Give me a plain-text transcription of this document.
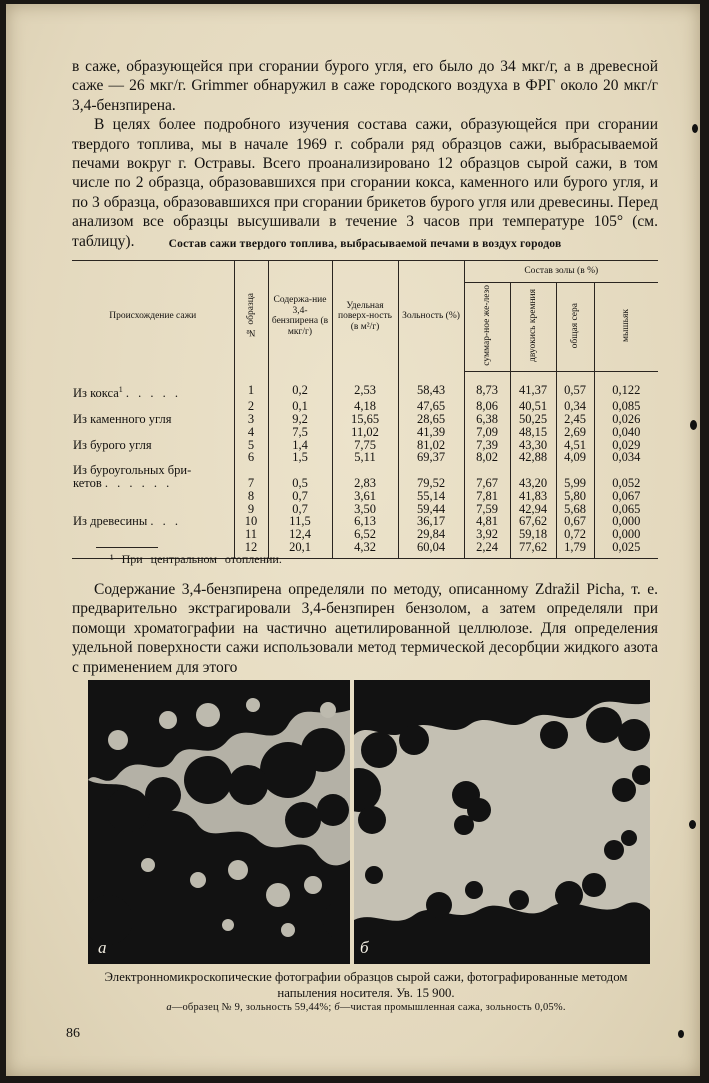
в саже, образующейся при сгорании бурого угля, его было до 34 мкг/г, а в древесной саже — 26 мкг/г. Grimmer обнаружил в саже городского воздуха в ФРГ около 20 мкг/г 3,4-бензпирена.

В целях более подробного изучения состава сажи, образующейся при сгорании твердого топлива, мы в начале 1969 г. собрали ряд образцов сажи, выбрасываемой печами вокруг г. Остравы. Всего проанализировано 12 образцов сырой сажи, в том числе по 2 образца, образовавшихся при сгорании кокса, каменного или бурого угля, и по 3 образца, образовавшихся при сгорании брикетов бурого угля или древесины. Перед анализом все образцы высушивали в течение 3 часов при температуре 105° (см. таблицу).	Состав сажи твердого топлива, выбрасываемой печами в воздух городов
Происхождение сажи	№ образца	Содержа-ние 3,4-бензпирена (в мкг/г)	Удельная поверх-ность (в м²/г)	Зольность (%)	Состав золы (в %)			
					суммар-ное же-лезо	двуокись кремния	общая сера	мышьяк

Из кокса$^1$ . . . . .	1	0,2	2,53	58,43	8,73	41,37	0,57	0,122
	2	0,1	4,18	47,65	8,06	40,51	0,34	0,085
Из каменного угля	3	9,2	15,65	28,65	6,38	50,25	2,45	0,026
	4	7,5	11,02	41,39	7,09	48,15	2,69	0,040
Из бурого угля	5	1,4	7,75	81,02	7,39	43,30	4,51	0,029
	6	1,5	5,11	69,37	8,02	42,88	4,09	0,034
Из буроугольных бри-								
кетов . . . . . .	7	0,5	2,83	79,52	7,67	43,20	5,99	0,052
	8	0,7	3,61	55,14	7,81	41,83	5,80	0,067
	9	0,7	3,50	59,44	7,59	42,94	5,68	0,065
Из древесины . . .	10	11,5	6,13	36,17	4,81	67,62	0,67	0,000
	11	12,4	6,52	29,84	3,92	59,18	0,72	0,000
	12	20,1	4,32	60,04	2,24	77,62	1,79	0,025
¹ При центральном отоплении.

Содержание 3,4-бензпирена определяли по методу, описанному Zdražil Picha, т. е. предварительно экстрагировали 3,4-бензпирен бензолом, а затем определяли при помощи хроматографии на частично ацетилированной целлюлозе. Для определения удельной поверхности сажи использовали метод термической десорбции жидкого азота с применением для этого

а	б
Электронномикроскопические фотографии образцов сырой сажи, фотографированные методом напыления носителя. Ув. 15 900.
а—образец № 9, зольность 59,44%; б—чистая промышленная сажа, зольность 0,05%.
86
